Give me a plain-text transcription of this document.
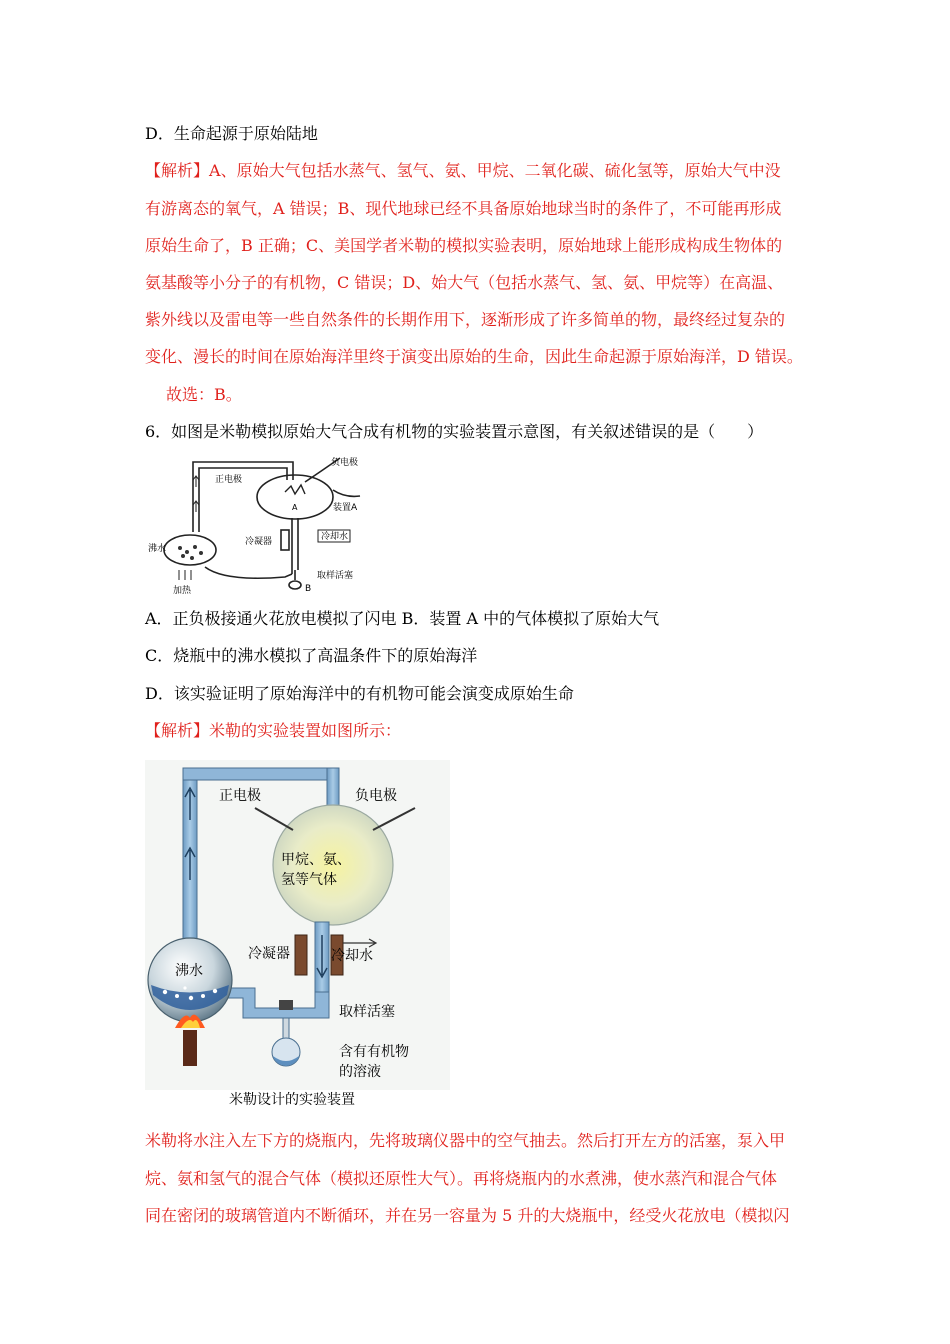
D．生命起源于原始陆地
【解析】A、原始大气包括水蒸气、氢气、氨、甲烷、二氧化碳、硫化氢等，原始大气中没
有游离态的氧气，A 错误；B、现代地球已经不具备原始地球当时的条件了，不可能再形成
原始生命了，B 正确；C、美国学者米勒的模拟实验表明，原始地球上能形成构成生物体的
氨基酸等小分子的有机物，C 错误；D、始大气（包括水蒸气、氢、氨、甲烷等）在高温、
紫外线以及雷电等一些自然条件的长期作用下，逐渐形成了许多简单的物，最终经过复杂的
变化、漫长的时间在原始海洋里终于演变出原始的生命，因此生命起源于原始海洋，D 错误。
故选：B。
6．如图是米勒模拟原始大气合成有机物的实验装置示意图，有关叙述错误的是（　　）
负电极
正电极
装置A
A
冷凝器	冷却水
沸水
取样活塞
加热	B
A．正负极接通火花放电模拟了闪电 B．装置 A 中的气体模拟了原始大气
C．烧瓶中的沸水模拟了高温条件下的原始海洋
D．该实验证明了原始海洋中的有机物可能会演变成原始生命
【解析】米勒的实验装置如图所示：
正电极	负电极
甲烷、氨、
氢等气体
冷凝器	冷却水
沸水
取样活塞
含有有机物
的溶液
米勒设计的实验装置
米勒将水注入左下方的烧瓶内，先将玻璃仪器中的空气抽去。然后打开左方的活塞，泵入甲
烷、氨和氢气的混合气体（模拟还原性大气）。再将烧瓶内的水煮沸，使水蒸汽和混合气体
同在密闭的玻璃管道内不断循环，并在另一容量为 5 升的大烧瓶中，经受火花放电（模拟闪
